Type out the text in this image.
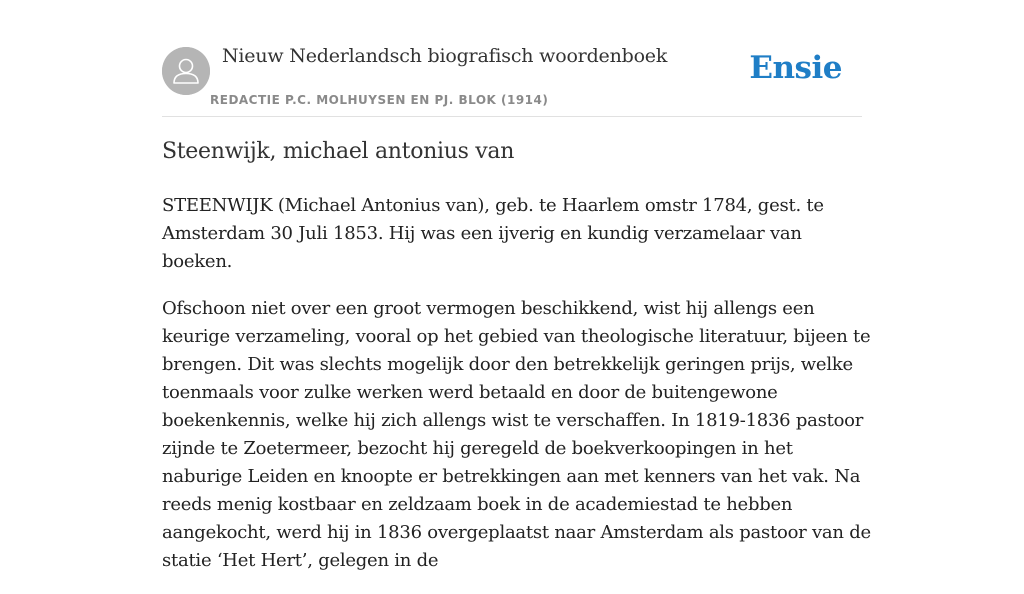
Nieuw Nederlandsch biografisch woordenboek
REDACTIE P.C. MOLHUYSEN EN PJ. BLOK (1914)
Ensie
Steenwijk, michael antonius van

STEENWIJK (Michael Antonius van), geb. te Haarlem omstr 1784, gest. te Amsterdam 30 Juli 1853. Hij was een ijverig en kundig verzamelaar van boeken.

Ofschoon niet over een groot vermogen beschikkend, wist hij allengs een keurige verzameling, vooral op het gebied van theologische literatuur, bijeen te brengen. Dit was slechts mogelijk door den betrekkelijk geringen prijs, welke toenmaals voor zulke werken werd betaald en door de buitengewone boekenkennis, welke hij zich allengs wist te verschaffen. In 1819-1836 pastoor zijnde te Zoetermeer, bezocht hij geregeld de boekverkoopingen in het naburige Leiden en knoopte er betrekkingen aan met kenners van het vak. Na reeds menig kostbaar en zeldzaam boek in de academiestad te hebben aangekocht, werd hij in 1836 overgeplaatst naar Amsterdam als pastoor van de statie ‘Het Hert’, gelegen in de
